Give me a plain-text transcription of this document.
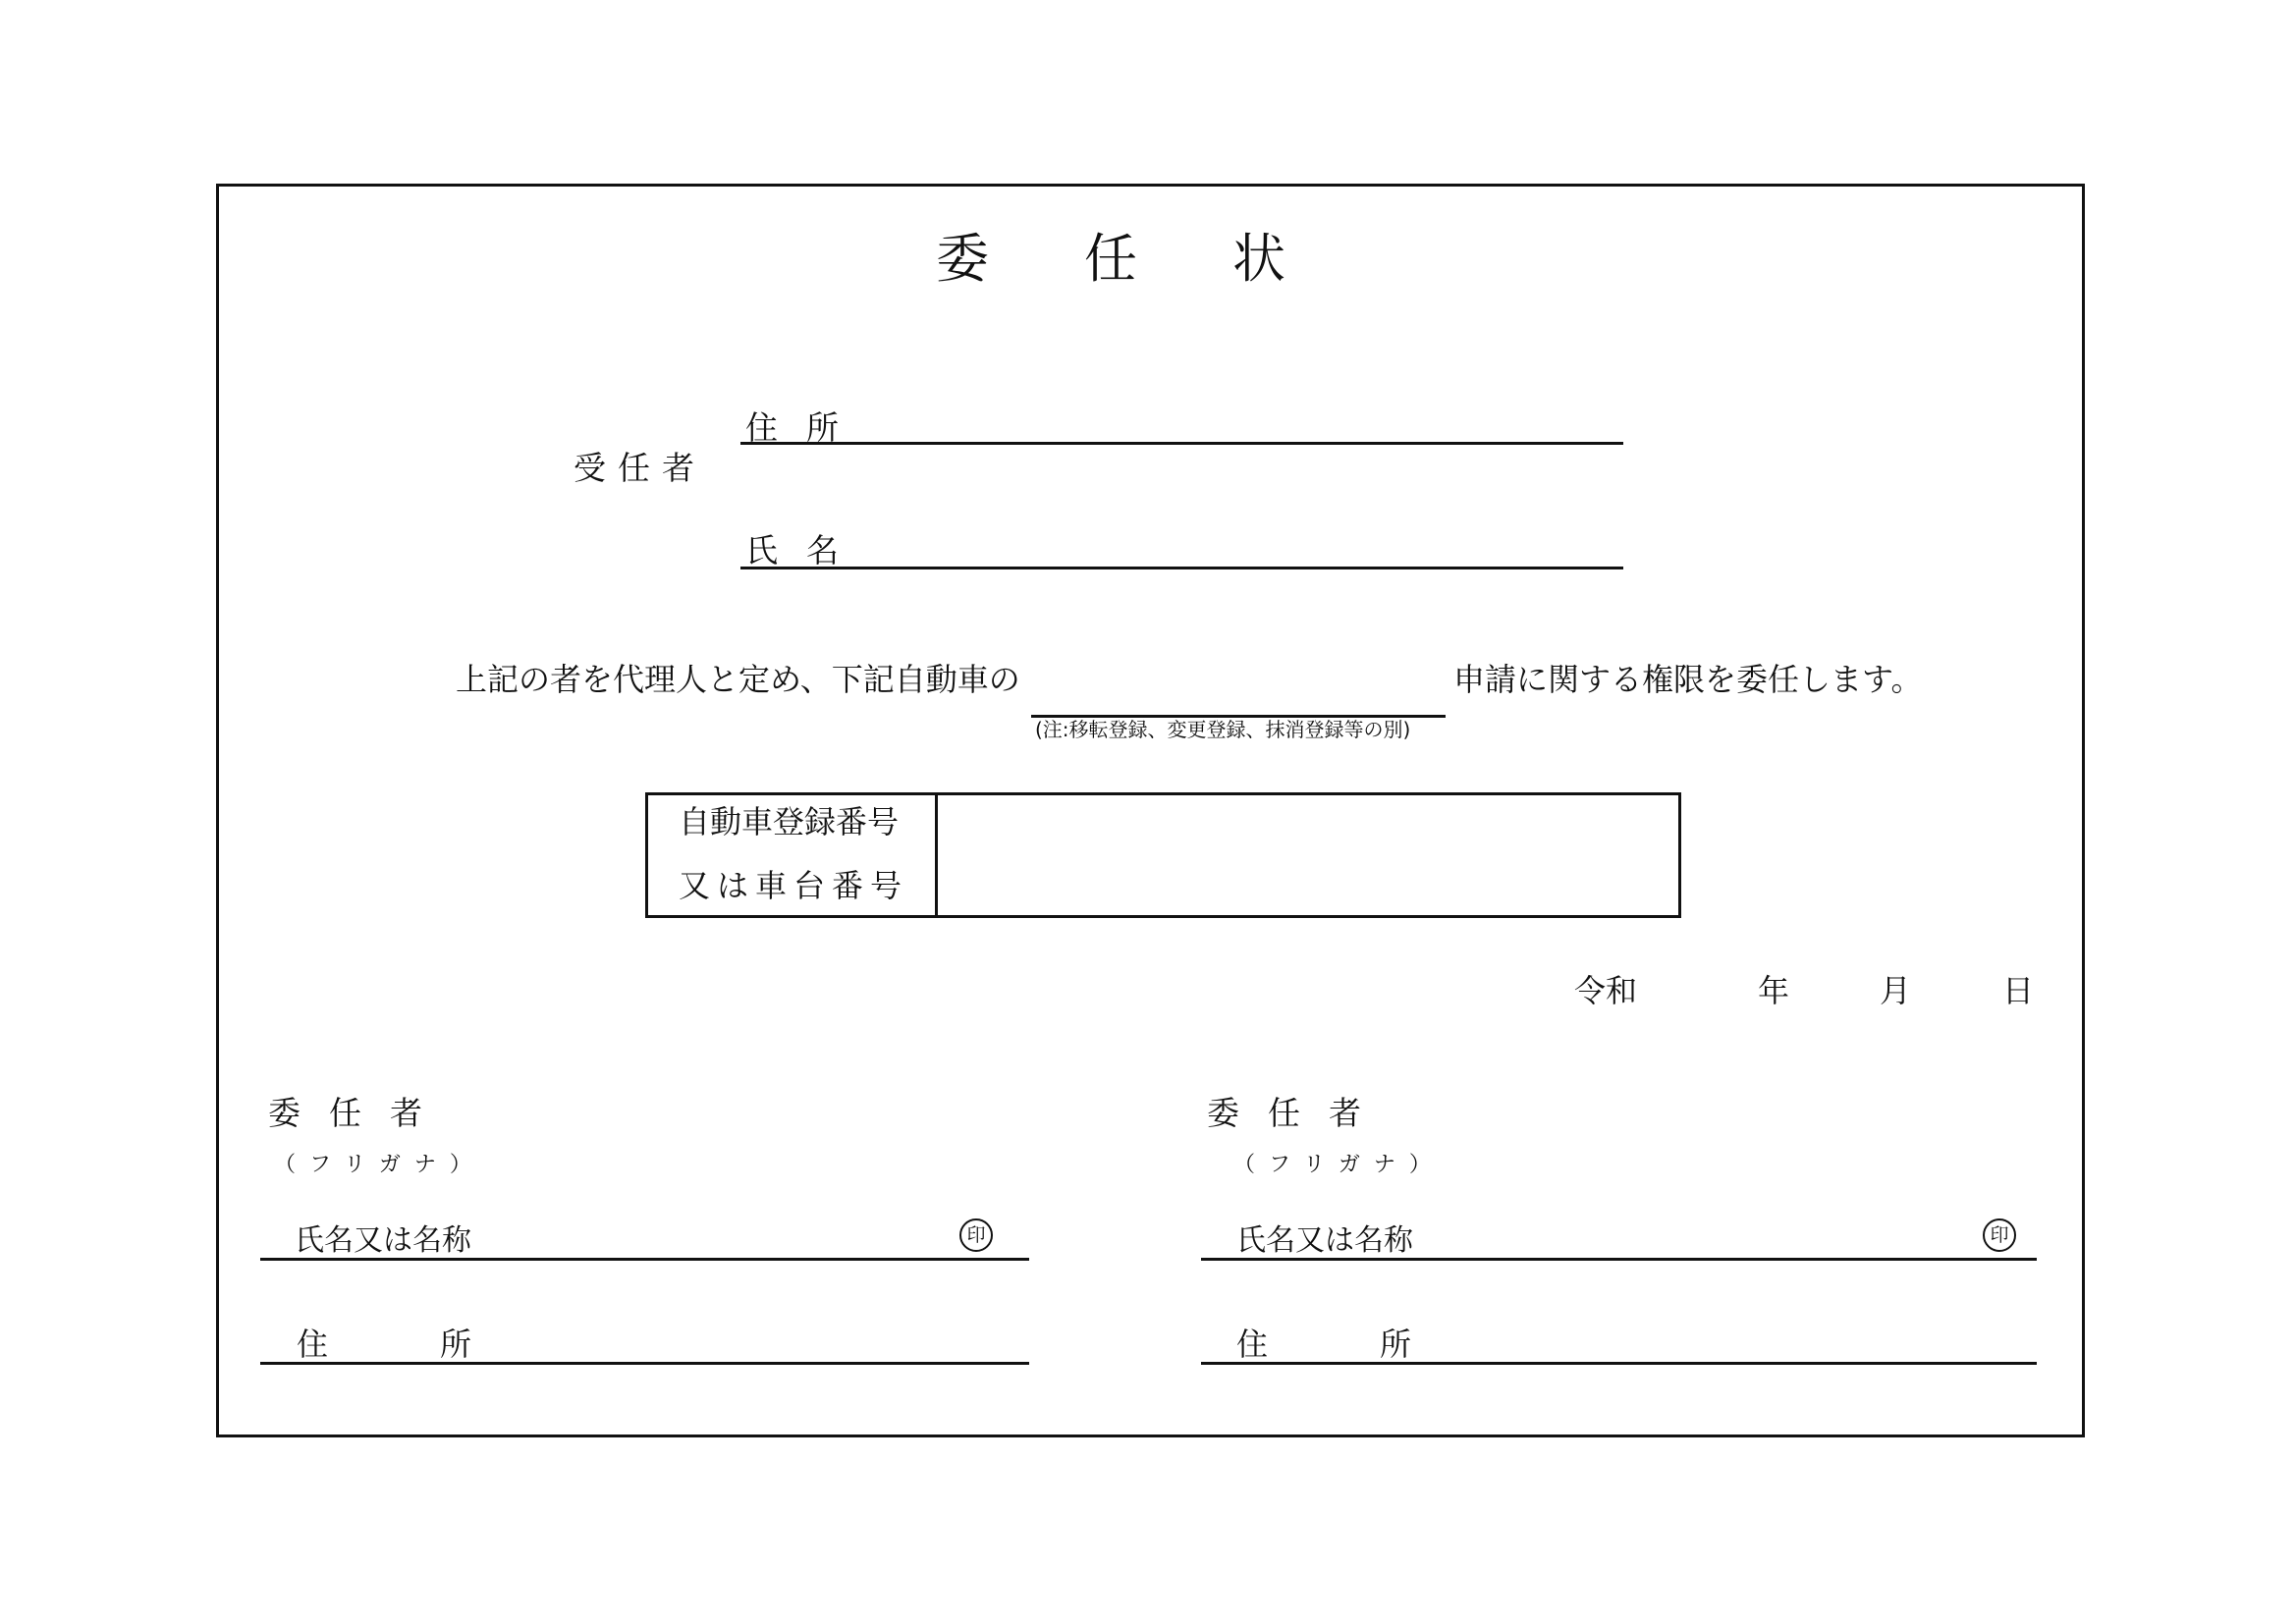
委任状
受任者
住所
氏名
上記の者を代理人と定め、下記自動車の	申請に関する権限を委任します。
(注:移転登録、変更登録、抹消登録等の別)
自動車登録番号
又は車台番号
令和	年	月	日
委任者
（フリガナ）
氏名又は名称	印
住	所
委任者
（フリガナ）
氏名又は名称	印
住	所
